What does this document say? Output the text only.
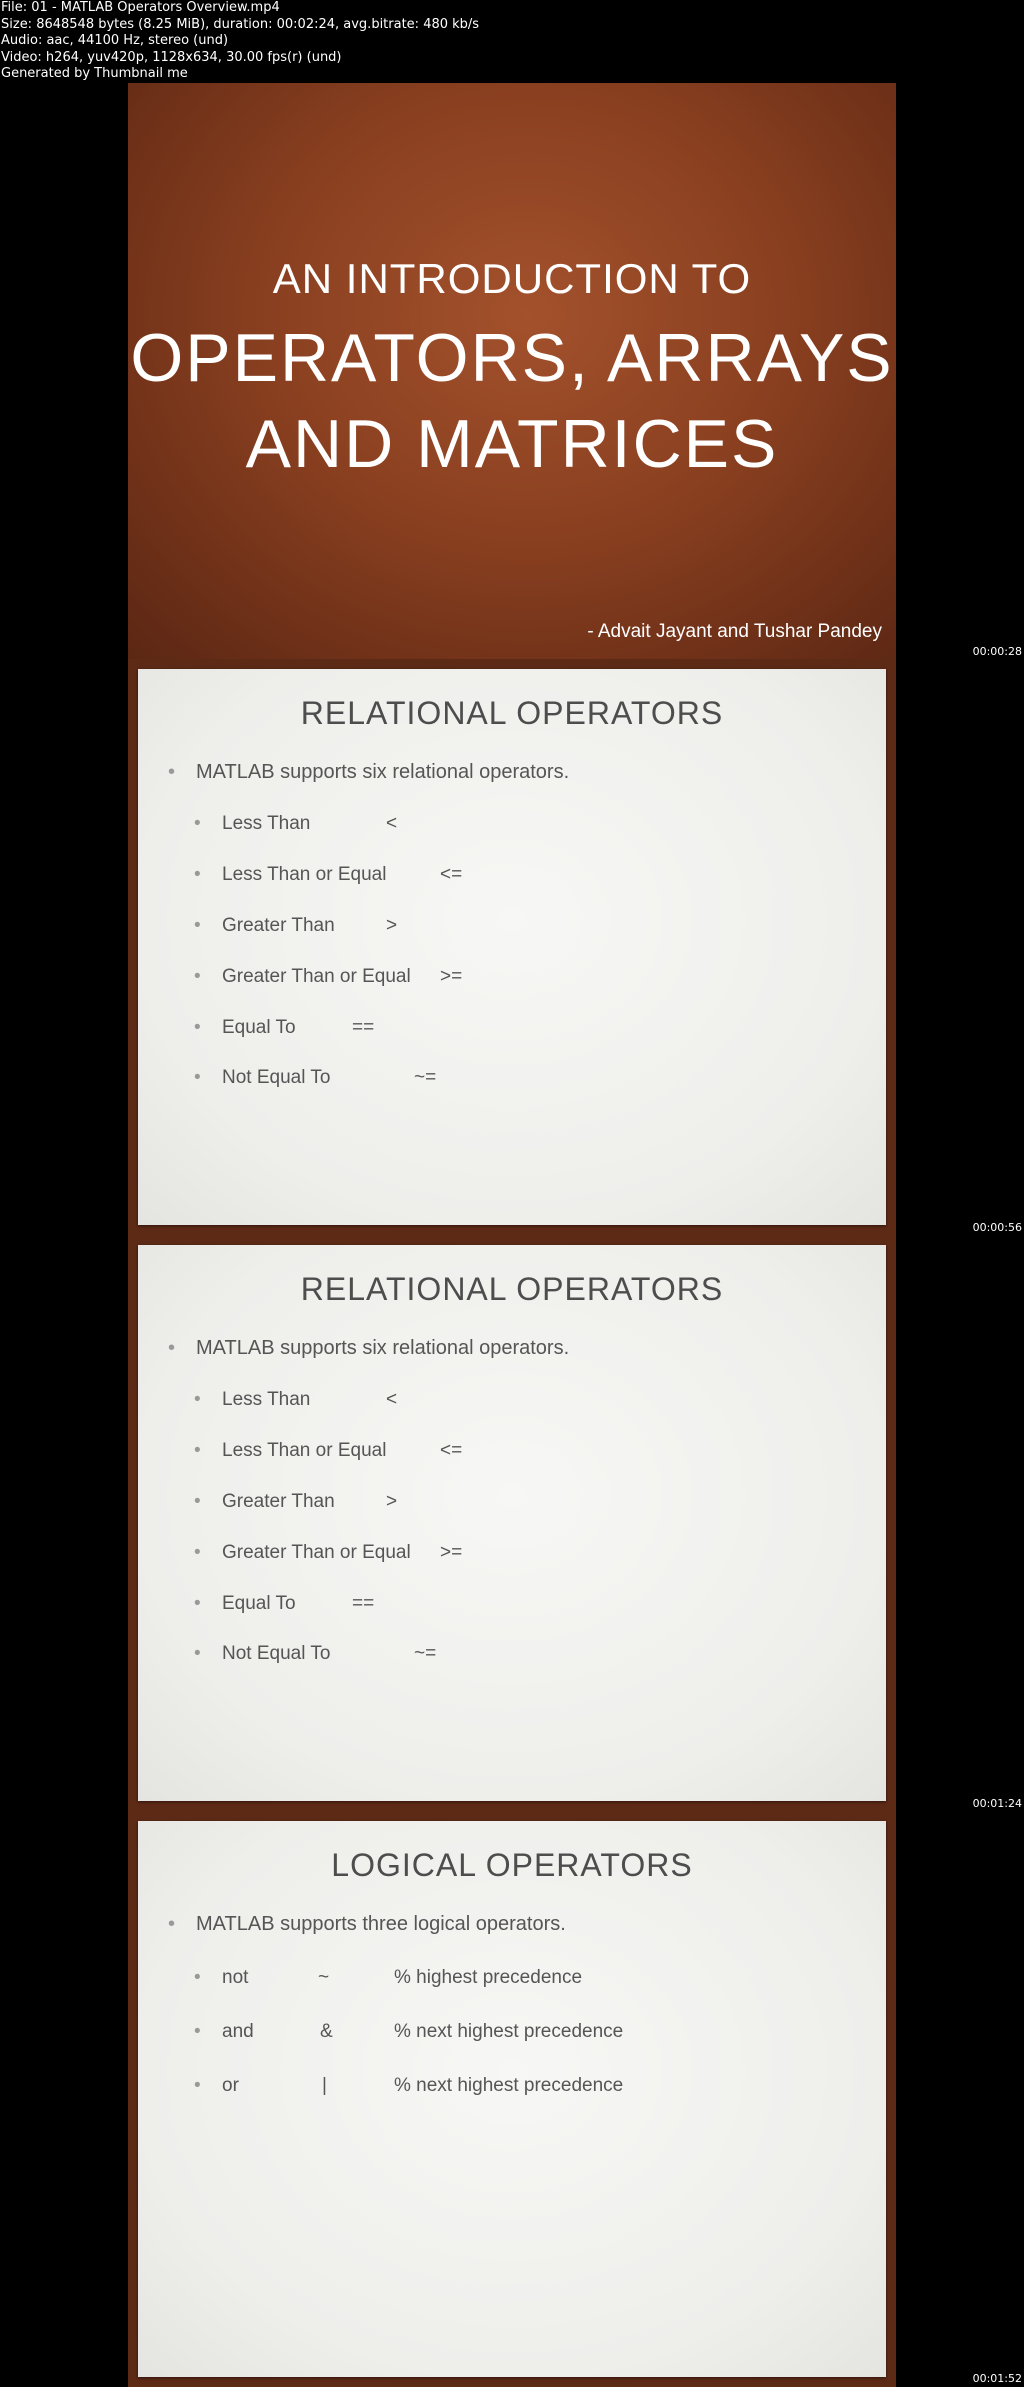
File: 01 - MATLAB Operators Overview.mp4
Size: 8648548 bytes (8.25 MiB), duration: 00:02:24, avg.bitrate: 480 kb/s
Audio: aac, 44100 Hz, stereo (und)
Video: h264, yuv420p, 1128x634, 30.00 fps(r) (und)
Generated by Thumbnail me
AN INTRODUCTION TO
OPERATORS, ARRAYS
AND MATRICES
- Advait Jayant and Tushar Pandey
RELATIONAL OPERATORS
• MATLAB supports six relational operators.
• Less Than	<
• Less Than or Equal	<=
• Greater Than	>
• Greater Than or Equal >=
• Equal To	==
• Not Equal To	~=
RELATIONAL OPERATORS
• MATLAB supports six relational operators.
• Less Than	<
• Less Than or Equal	<=
• Greater Than	>
• Greater Than or Equal >=
• Equal To	==
• Not Equal To	~=
LOGICAL OPERATORS
• MATLAB supports three logical operators.
• not	~	% highest precedence
• and	&	% next highest precedence
• or	|	% next highest precedence
00:00:28
00:00:56
00:01:24
00:01:52
